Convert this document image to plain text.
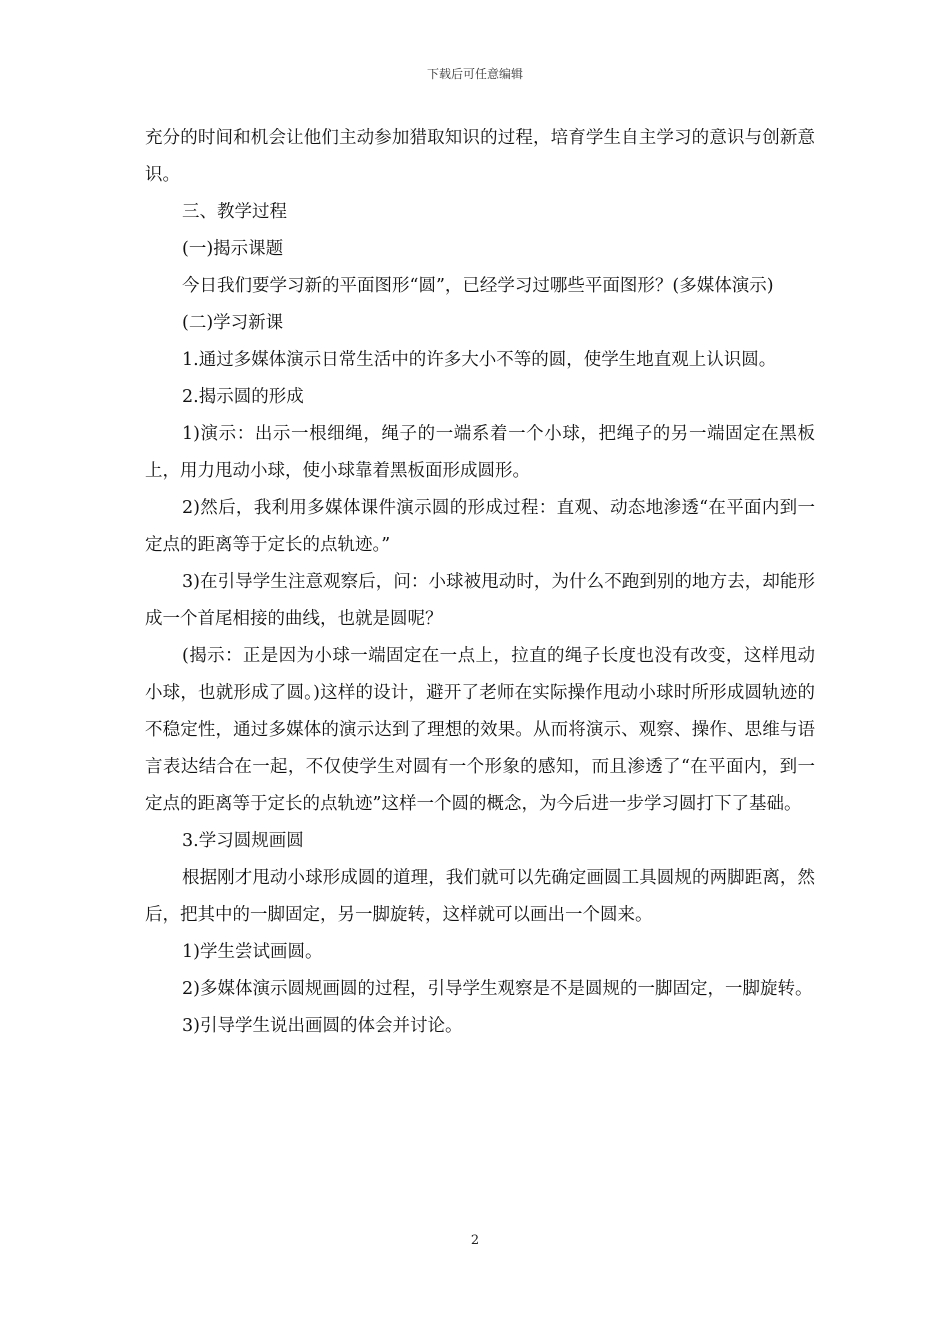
下载后可任意编辑

充分的时间和机会让他们主动参加猎取知识的过程，培育学生自主学习的意识与创新意识。

三、教学过程

(一)揭示课题

今日我们要学习新的平面图形“圆”，已经学习过哪些平面图形？(多媒体演示)

(二)学习新课

1.通过多媒体演示日常生活中的许多大小不等的圆，使学生地直观上认识圆。

2.揭示圆的形成

1)演示：出示一根细绳，绳子的一端系着一个小球，把绳子的另一端固定在黑板上，用力甩动小球，使小球靠着黑板面形成圆形。

2)然后，我利用多媒体课件演示圆的形成过程：直观、动态地渗透“在平面内到一定点的距离等于定长的点轨迹。”

3)在引导学生注意观察后，问：小球被甩动时，为什么不跑到别的地方去，却能形成一个首尾相接的曲线，也就是圆呢？

(揭示：正是因为小球一端固定在一点上，拉直的绳子长度也没有改变，这样甩动小球，也就形成了圆。)这样的设计，避开了老师在实际操作甩动小球时所形成圆轨迹的不稳定性，通过多媒体的演示达到了理想的效果。从而将演示、观察、操作、思维与语言表达结合在一起，不仅使学生对圆有一个形象的感知，而且渗透了“在平面内，到一定点的距离等于定长的点轨迹”这样一个圆的概念，为今后进一步学习圆打下了基础。

3.学习圆规画圆

根据刚才甩动小球形成圆的道理，我们就可以先确定画圆工具圆规的两脚距离，然后，把其中的一脚固定，另一脚旋转，这样就可以画出一个圆来。

1)学生尝试画圆。

2)多媒体演示圆规画圆的过程，引导学生观察是不是圆规的一脚固定，一脚旋转。

3)引导学生说出画圆的体会并讨论。

2
